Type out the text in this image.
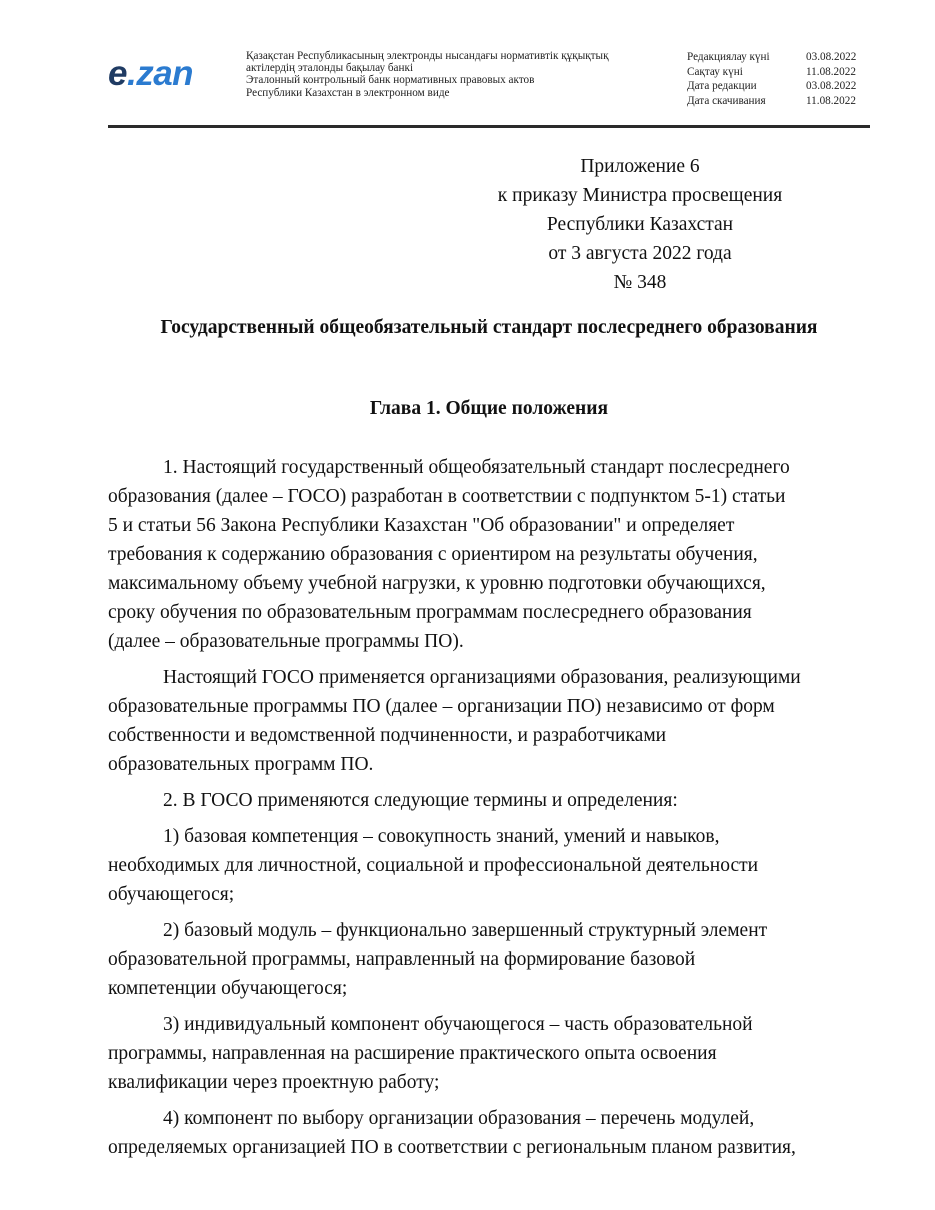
e.zan	Қазақстан Республикасының электронды нысандағы нормативтік құқықтық
актілердің эталонды бақылау банкі
Эталонный контрольный банк нормативных правовых актов
Республики Казахстан в электронном виде
Редакциялау күні	03.08.2022
Сақтау күні	11.08.2022
Дата редакции	03.08.2022
Дата скачивания	11.08.2022
Приложение 6
к приказу Министра просвещения
Республики Казахстан
от 3 августа 2022 года
№ 348
Государственный общеобязательный стандарт послесреднего образования
Глава 1. Общие положения

1. Настоящий государственный общеобязательный стандарт послесреднего
образования (далее – ГОСО) разработан в соответствии с подпунктом 5-1) статьи
5 и статьи 56 Закона Республики Казахстан "Об образовании" и определяет
требования к содержанию образования с ориентиром на результаты обучения,
максимальному объему учебной нагрузки, к уровню подготовки обучающихся,
сроку обучения по образовательным программам послесреднего образования
(далее – образовательные программы ПО).

Настоящий ГОСО применяется организациями образования, реализующими
образовательные программы ПО (далее – организации ПО) независимо от форм
собственности и ведомственной подчиненности, и разработчиками
образовательных программ ПО.

2. В ГОСО применяются следующие термины и определения:

1) базовая компетенция – совокупность знаний, умений и навыков,
необходимых для личностной, социальной и профессиональной деятельности
обучающегося;

2) базовый модуль – функционально завершенный структурный элемент
образовательной программы, направленный на формирование базовой
компетенции обучающегося;

3) индивидуальный компонент обучающегося – часть образовательной
программы, направленная на расширение практического опыта освоения
квалификации через проектную работу;

4) компонент по выбору организации образования – перечень модулей,
определяемых организацией ПО в соответствии с региональным планом развития,
